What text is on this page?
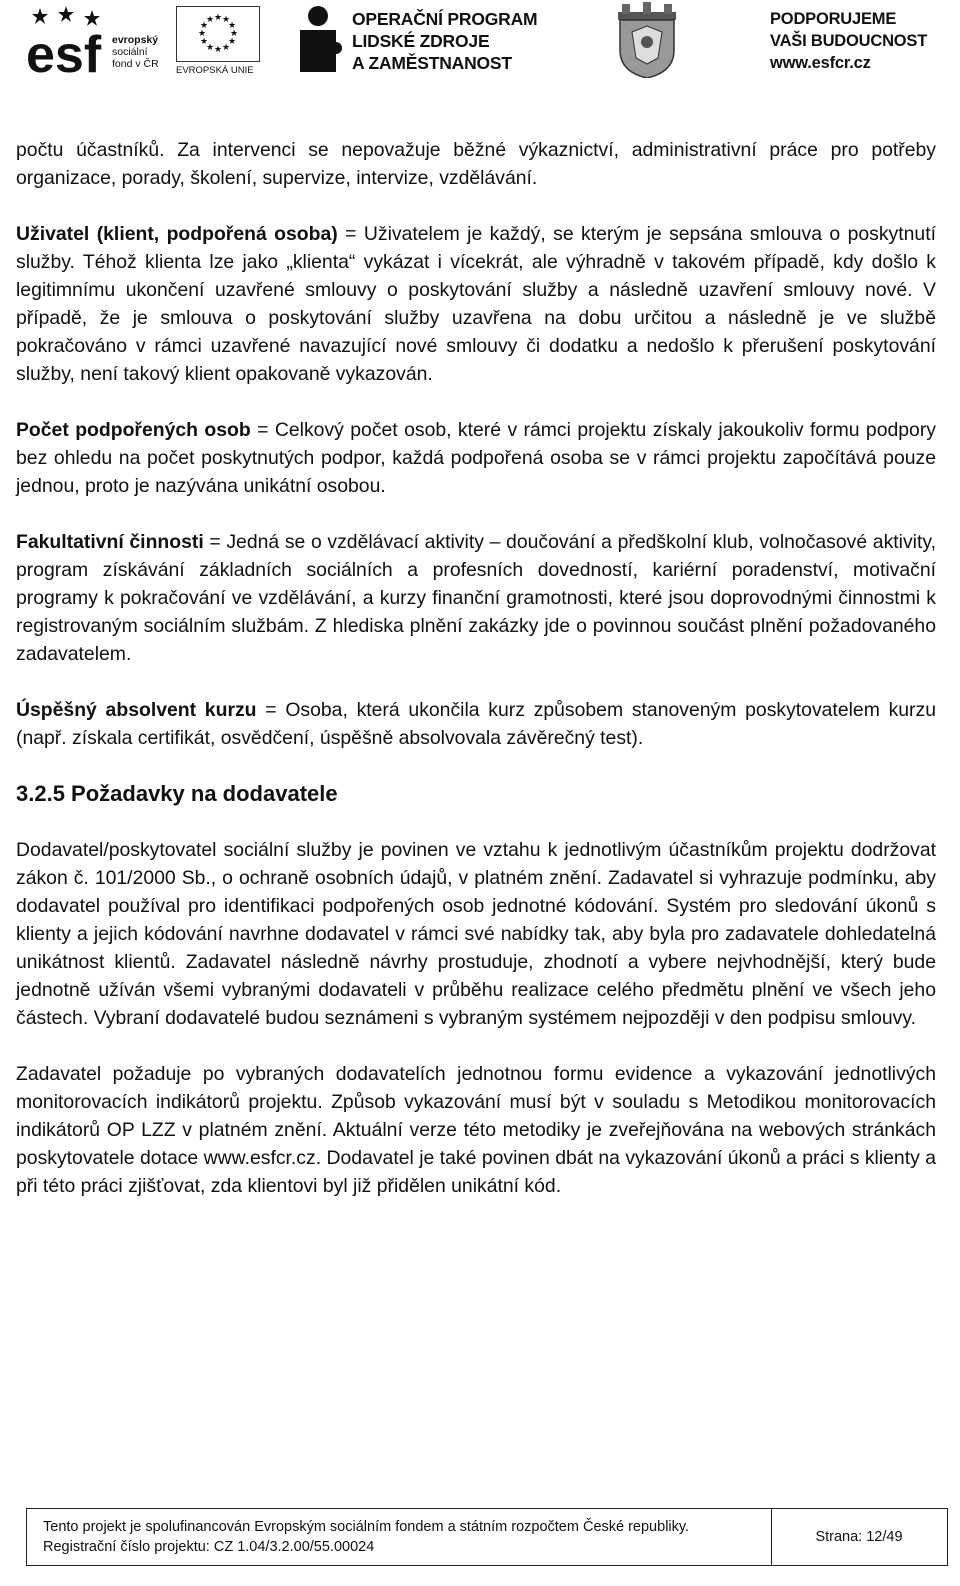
esf evropský
sociální
fond v ČR
★ ★
★
★
★
★
★
★
★
★
★
★
EVROPSKÁ UNIE
OPERAČNÍ PROGRAM
LIDSKÉ ZDROJE
A ZAMĚSTNANOST
PODPORUJEME
VAŠI BUDOUCNOST
www.esfcr.cz

počtu účastníků. Za intervenci se nepovažuje běžné výkaznictví, administrativní práce pro potřeby organizace, porady, školení, supervize, intervize, vzdělávání.

Uživatel (klient, podpořená osoba) = Uživatelem je každý, se kterým je sepsána smlouva o poskytnutí služby. Téhož klienta lze jako „klienta“ vykázat i vícekrát, ale výhradně v takovém případě, kdy došlo k legitimnímu ukončení uzavřené smlouvy o poskytování služby a následně uzavření smlouvy nové. V případě, že je smlouva o poskytování služby uzavřena na dobu určitou a následně je ve službě pokračováno v rámci uzavřené navazující nové smlouvy či dodatku a nedošlo k přerušení poskytování služby, není takový klient opakovaně vykazován.

Počet podpořených osob = Celkový počet osob, které v rámci projektu získaly jakoukoliv formu podpory bez ohledu na počet poskytnutých podpor, každá podpořená osoba se v rámci projektu započítává pouze jednou, proto je nazývána unikátní osobou.

Fakultativní činnosti = Jedná se o vzdělávací aktivity – doučování a předškolní klub, volnočasové aktivity, program získávání základních sociálních a profesních dovedností, kariérní poradenství, motivační programy k pokračování ve vzdělávání, a kurzy finanční gramotnosti, které jsou doprovodnými činnostmi k registrovaným sociálním službám. Z hlediska plnění zakázky jde o povinnou součást plnění požadovaného zadavatelem.

Úspěšný absolvent kurzu = Osoba, která ukončila kurz způsobem stanoveným poskytovatelem kurzu (např. získala certifikát, osvědčení, úspěšně absolvovala závěrečný test).

3.2.5 Požadavky na dodavatele

Dodavatel/poskytovatel sociální služby je povinen ve vztahu k jednotlivým účastníkům projektu dodržovat zákon č. 101/2000 Sb., o ochraně osobních údajů, v platném znění. Zadavatel si vyhrazuje podmínku, aby dodavatel používal pro identifikaci podpořených osob jednotné kódování. Systém pro sledování úkonů s klienty a jejich kódování navrhne dodavatel v rámci své nabídky tak, aby byla pro zadavatele dohledatelná unikátnost klientů. Zadavatel následně návrhy prostuduje, zhodnotí a vybere nejvhodnější, který bude jednotně užíván všemi vybranými dodavateli v průběhu realizace celého předmětu plnění ve všech jeho částech. Vybraní dodavatelé budou seznámeni s vybraným systémem nejpozději v den podpisu smlouvy.

Zadavatel požaduje po vybraných dodavatelích jednotnou formu evidence a vykazování jednotlivých monitorovacích indikátorů projektu. Způsob vykazování musí být v souladu s Metodikou monitorovacích indikátorů OP LZZ v platném znění. Aktuální verze této metodiky je zveřejňována na webových stránkách poskytovatele dotace www.esfcr.cz. Dodavatel je také povinen dbát na vykazování úkonů a práci s klienty a při této práci zjišťovat, zda klientovi byl již přidělen unikátní kód.

Tento projekt je spolufinancován Evropským sociálním fondem a státním rozpočtem České republiky.
Registrační číslo projektu: CZ 1.04/3.2.00/55.00024
Strana: 12/49
